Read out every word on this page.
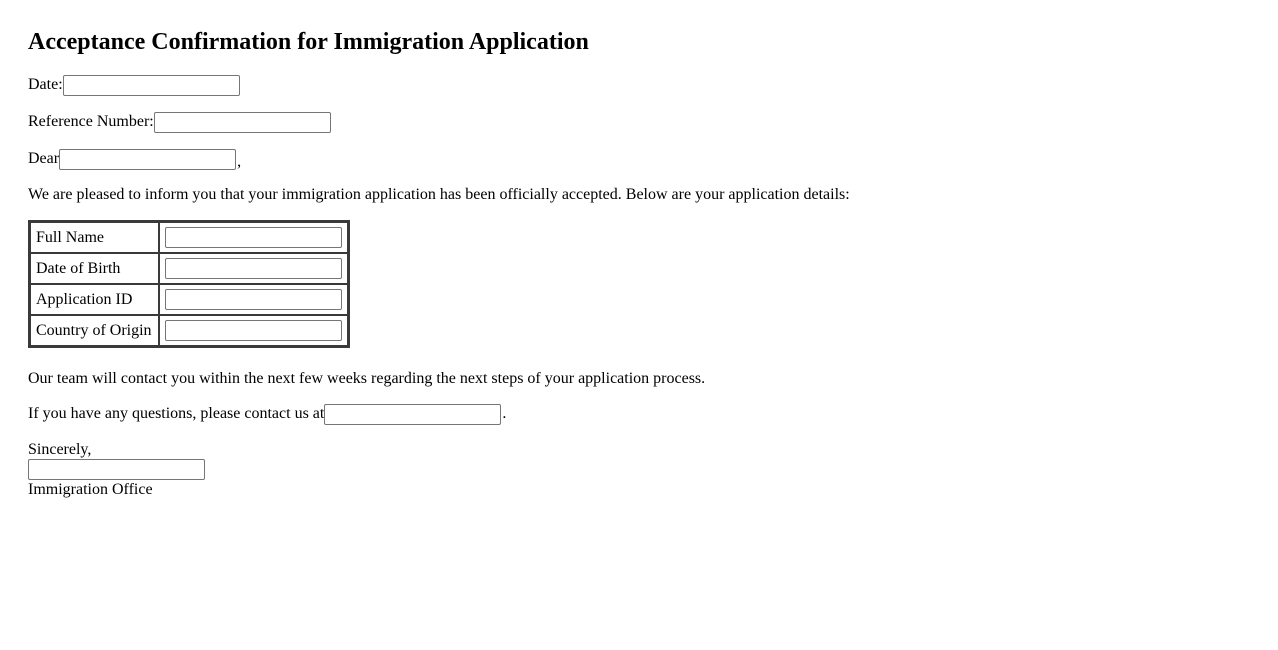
Acceptance Confirmation for Immigration Application
Date:
Reference Number:
Dear	,
We are pleased to inform you that your immigration application has been officially accepted. Below are your application details:
Full Name	
Date of Birth	
Application ID	
Country of Origin	
Our team will contact you within the next few weeks regarding the next steps of your application process.
If you have any questions, please contact us at	.
Sincerely,
Immigration Office
